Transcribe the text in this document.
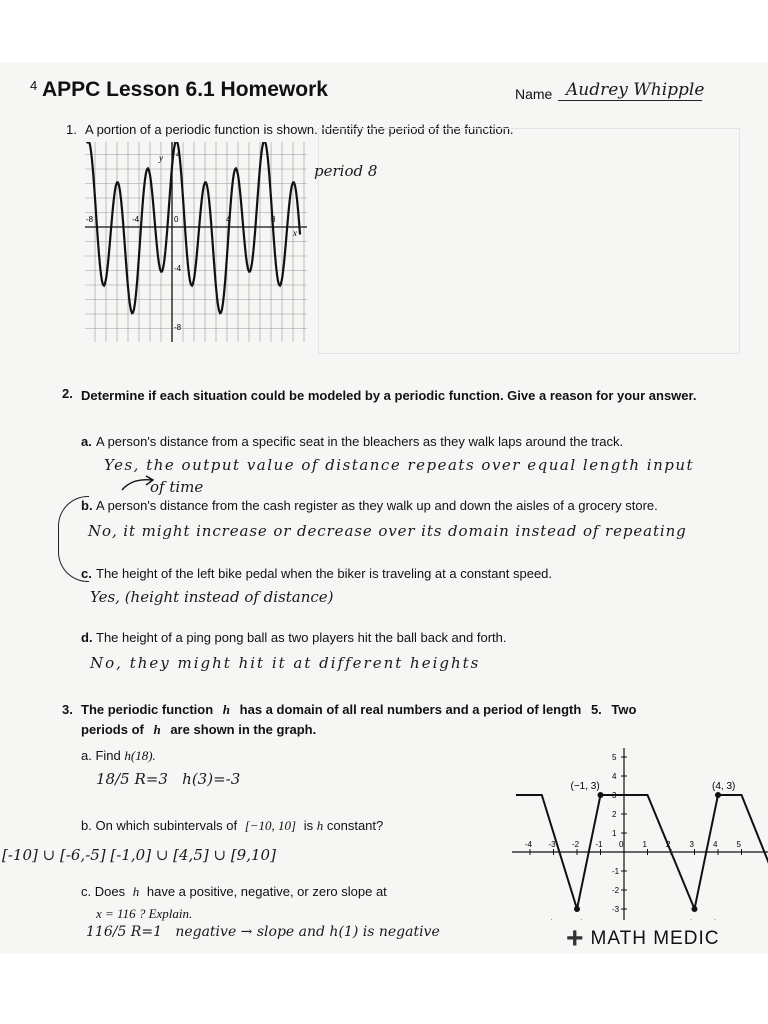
4 APPC Lesson 6.1 Homework	Name Audrey Whipple
1. A portion of a periodic function is shown. Identify the period of the function.
y 4
-8
-4
-8	-4	0	4	8
x
period 8
2. Determine if each situation could be modeled by a periodic function. Give a reason for your answer.
a. A person's distance from a specific seat in the bleachers as they walk laps around the track.
Yes, the output value of distance repeats over equal length input
of time
b. A person's distance from the cash register as they walk up and down the aisles of a grocery store.
No, it might increase or decrease over its domain instead of repeating
c. The height of the left bike pedal when the biker is traveling at a constant speed.
Yes, (height instead of distance)
d. The height of a ping pong ball as two players hit the ball back and forth.
No, they might hit it at different heights
3. The periodic function h has a domain of all real numbers and a period of length 5. Two
periods of h are shown in the graph.
a. Find h(18).
18/5 R=3   h(3)=-3
b. On which subintervals of [−10, 10] is h constant?
[-10] ∪ [-6,-5] [-1,0] ∪ [4,5] ∪ [9,10]
c. Does h have a positive, negative, or zero slope at
x = 116 ? Explain.
116/5 R=1   negative → slope and h(1) is negative
-4 -3 -2 -1 0 1 2 3 4 5
5
4
3
2
1
-1
-2
-3
(−1, 3)	(4, 3)
+ MATH MEDIC
